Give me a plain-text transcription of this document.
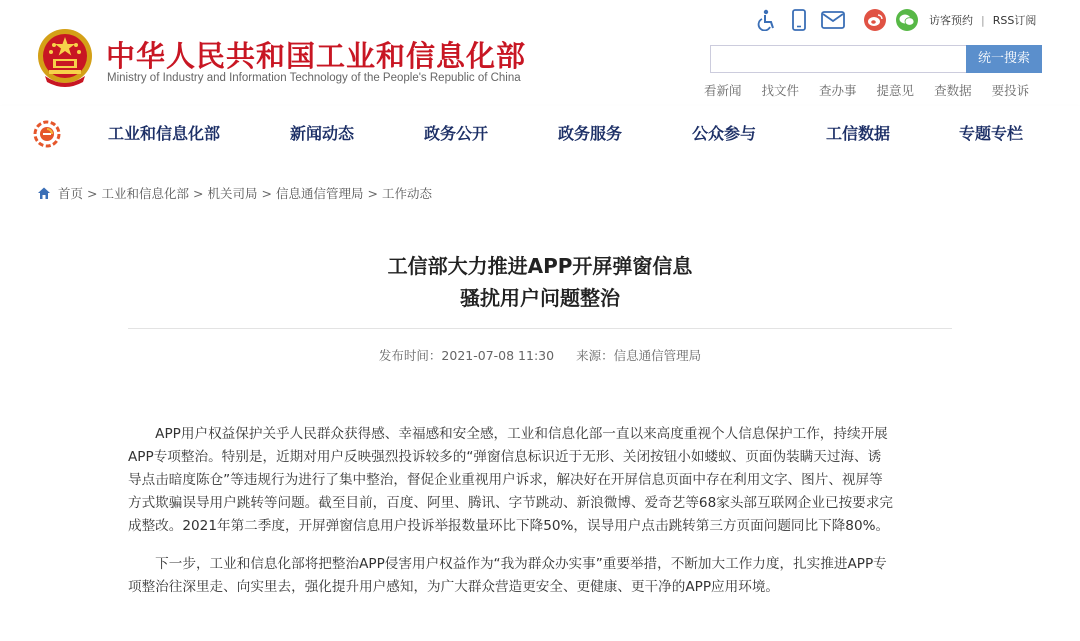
中华人民共和国工业和信息化部
Ministry of Industry and Information Technology of the People's Republic of China
访客预约 | RSS订阅
统一搜索
看新闻 找文件 查办事 提意见 查数据 要投诉
工业和信息化部	新闻动态	政务公开	政务服务	公众参与	工信数据	专题专栏
首页 > 工业和信息化部 > 机关司局 > 信息通信管理局 > 工作动态
工信部大力推进APP开屏弹窗信息
骚扰用户问题整治
发布时间：2021-07-08 11:30 来源：信息通信管理局
　　APP用户权益保护关乎人民群众获得感、幸福感和安全感，工业和信息化部一直以来高度重视个人信息保护工作，持续开展
APP专项整治。特别是，近期对用户反映强烈投诉较多的“弹窗信息标识近于无形、关闭按钮小如蝼蚁、页面伪装瞒天过海、诱
导点击暗度陈仓”等违规行为进行了集中整治，督促企业重视用户诉求，解决好在开屏信息页面中存在利用文字、图片、视屏等
方式欺骗误导用户跳转等问题。截至目前，百度、阿里、腾讯、字节跳动、新浪微博、爱奇艺等68家头部互联网企业已按要求完
成整改。2021年第二季度，开屏弹窗信息用户投诉举报数量环比下降50%，误导用户点击跳转第三方页面问题同比下降80%。
　　下一步，工业和信息化部将把整治APP侵害用户权益作为“我为群众办实事”重要举措，不断加大工作力度，扎实推进APP专
项整治往深里走、向实里去，强化提升用户感知，为广大群众营造更安全、更健康、更干净的APP应用环境。
